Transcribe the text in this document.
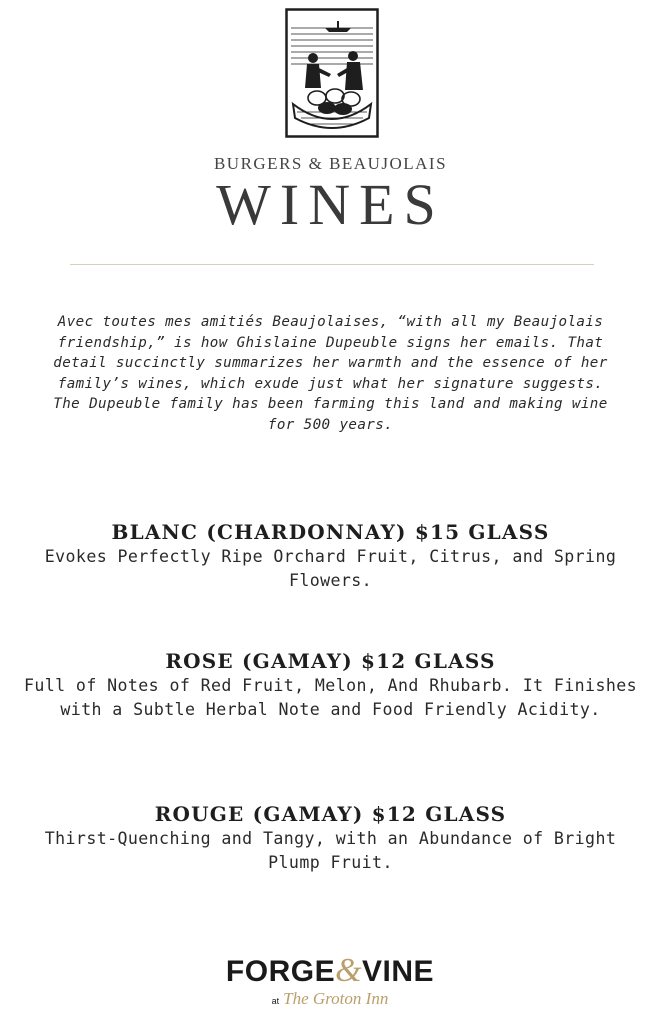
BURGERS & BEAUJOLAIS
WINES
Avec toutes mes amitiés Beaujolaises, “with all my Beaujolais friendship,” is how Ghislaine Dupeuble signs her emails. That detail succinctly summarizes her warmth and the essence of her family’s wines, which exude just what her signature suggests. The Dupeuble family has been farming this land and making wine for 500 years.
BLANC (CHARDONNAY) $15 GLASS
Evokes Perfectly Ripe Orchard Fruit, Citrus, and Spring Flowers.
ROSE (GAMAY) $12 GLASS
Full of Notes of Red Fruit, Melon, And Rhubarb. It Finishes with a Subtle Herbal Note and Food Friendly Acidity.
ROUGE (GAMAY) $12 GLASS
Thirst-Quenching and Tangy, with an Abundance of Bright Plump Fruit.
FORGE&VINE
at The Groton Inn
